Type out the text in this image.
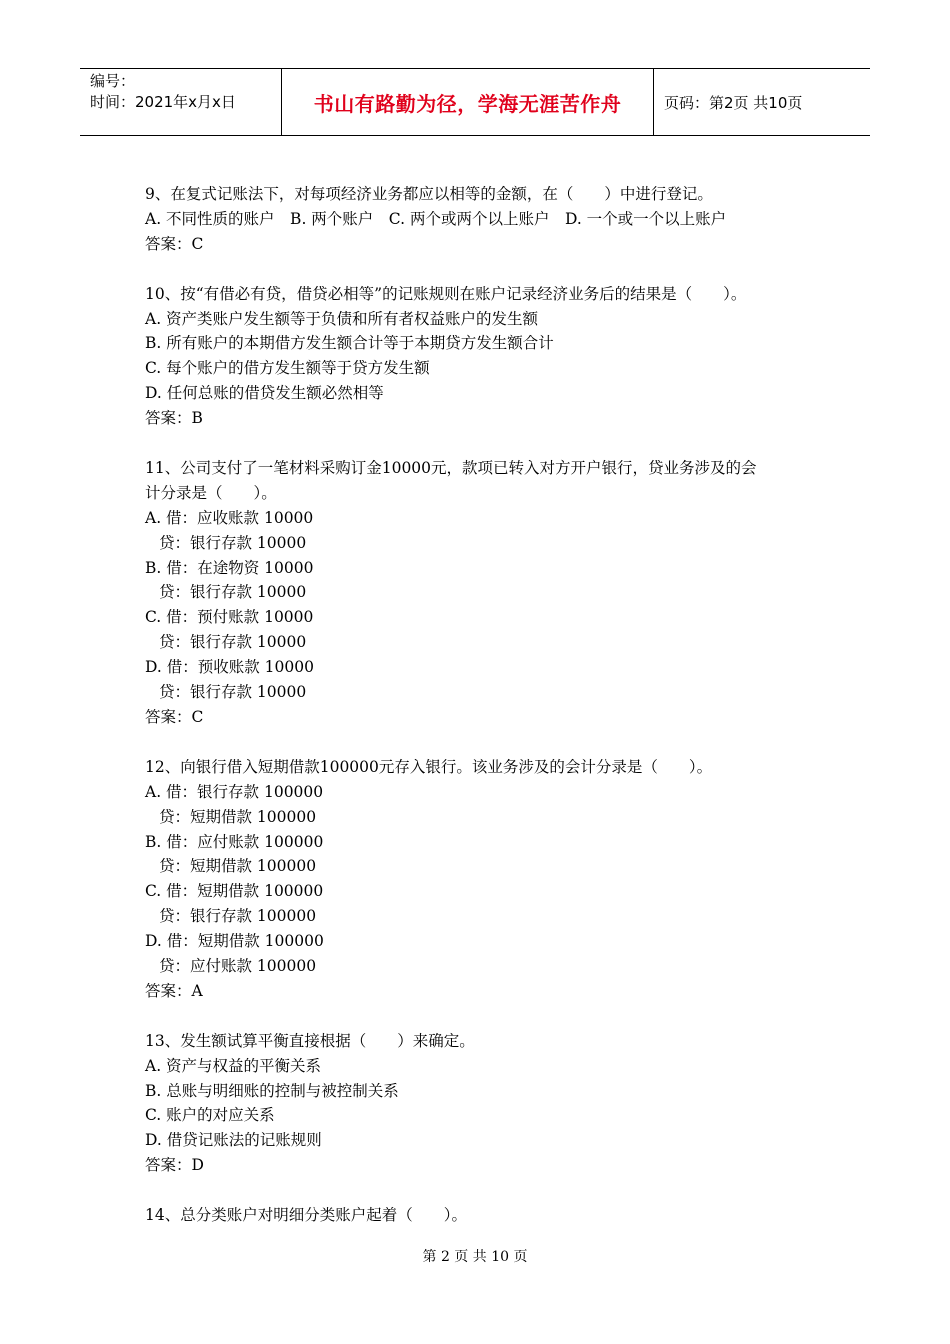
编号：
时间：2021年x月x日	书山有路勤为径，学海无涯苦作舟	页码：第2页 共10页
9、在复式记账法下，对每项经济业务都应以相等的金额，在（　　）中进行登记。
A. 不同性质的账户　B. 两个账户　C. 两个或两个以上账户　D. 一个或一个以上账户
答案：C
10、按“有借必有贷，借贷必相等”的记账规则在账户记录经济业务后的结果是（　　）。
A. 资产类账户发生额等于负债和所有者权益账户的发生额
B. 所有账户的本期借方发生额合计等于本期贷方发生额合计
C. 每个账户的借方发生额等于贷方发生额
D. 任何总账的借贷发生额必然相等
答案：B
11、公司支付了一笔材料采购订金10000元，款项已转入对方开户银行，贷业务涉及的会
计分录是（　　）。
A. 借：应收账款 10000
贷：银行存款 10000
B. 借：在途物资 10000
贷：银行存款 10000
C. 借：预付账款 10000
贷：银行存款 10000
D. 借：预收账款 10000
贷：银行存款 10000
答案：C
12、向银行借入短期借款100000元存入银行。该业务涉及的会计分录是（　　）。
A. 借：银行存款 100000
贷：短期借款 100000
B. 借：应付账款 100000
贷：短期借款 100000
C. 借：短期借款 100000
贷：银行存款 100000
D. 借：短期借款 100000
贷：应付账款 100000
答案：A
13、发生额试算平衡直接根据（　　）来确定。
A. 资产与权益的平衡关系
B. 总账与明细账的控制与被控制关系
C. 账户的对应关系
D. 借贷记账法的记账规则
答案：D
14、总分类账户对明细分类账户起着（　　）。
第 2 页 共 10 页
